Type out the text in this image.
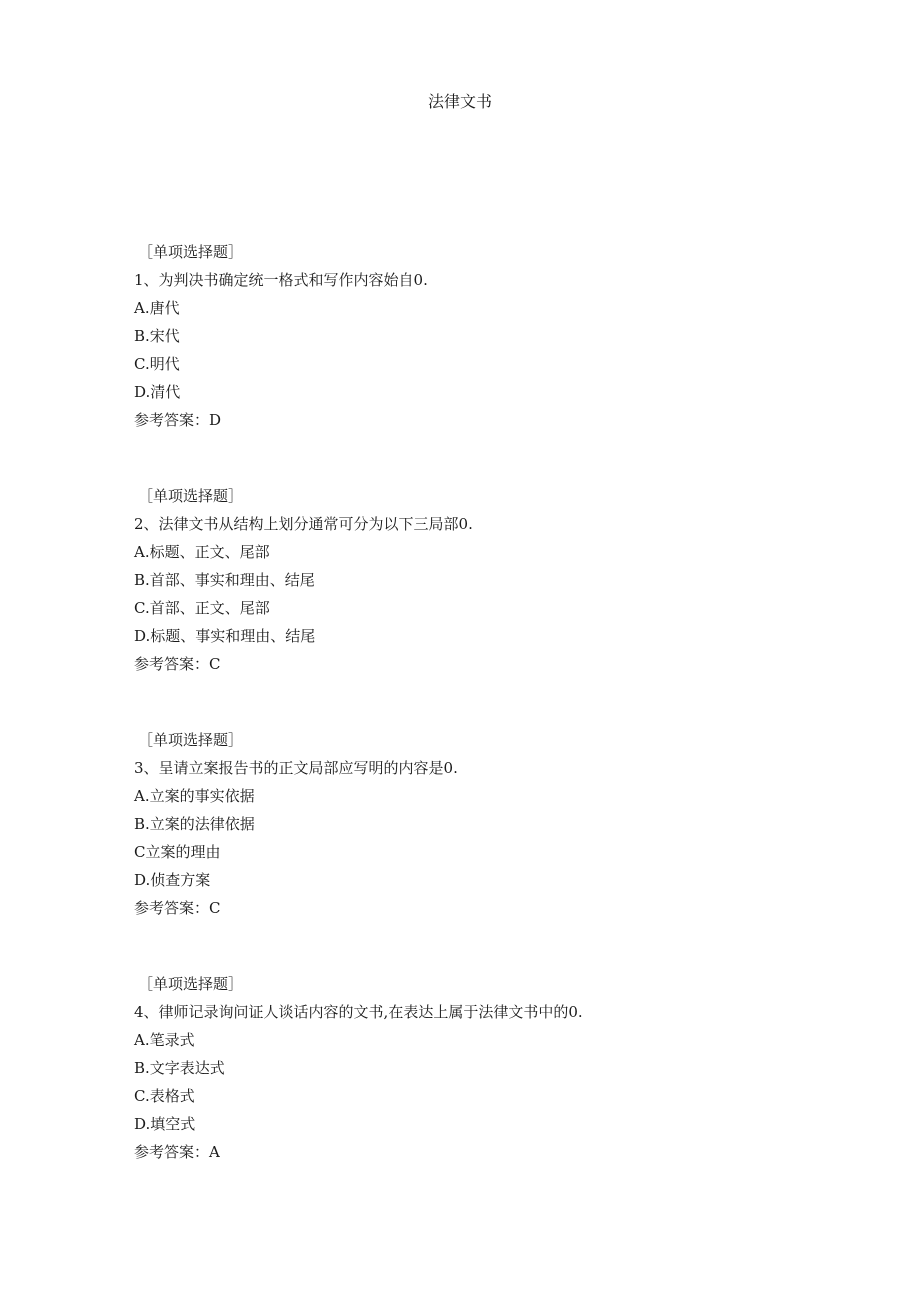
法律文书
［单项选择题］
1、为判决书确定统一格式和写作内容始自0.
A.唐代
B.宋代
C.明代
D.清代
参考答案：D
［单项选择题］
2、法律文书从结构上划分通常可分为以下三局部0.
A.标题、正文、尾部
B.首部、事实和理由、结尾
C.首部、正文、尾部
D.标题、事实和理由、结尾
参考答案：C
［单项选择题］
3、呈请立案报告书的正文局部应写明的内容是0.
A.立案的事实依据
B.立案的法律依据
C立案的理由
D.侦查方案
参考答案：C
［单项选择题］
4、律师记录询问证人谈话内容的文书,在表达上属于法律文书中的0.
A.笔录式
B.文字表达式
C.表格式
D.填空式
参考答案：A
